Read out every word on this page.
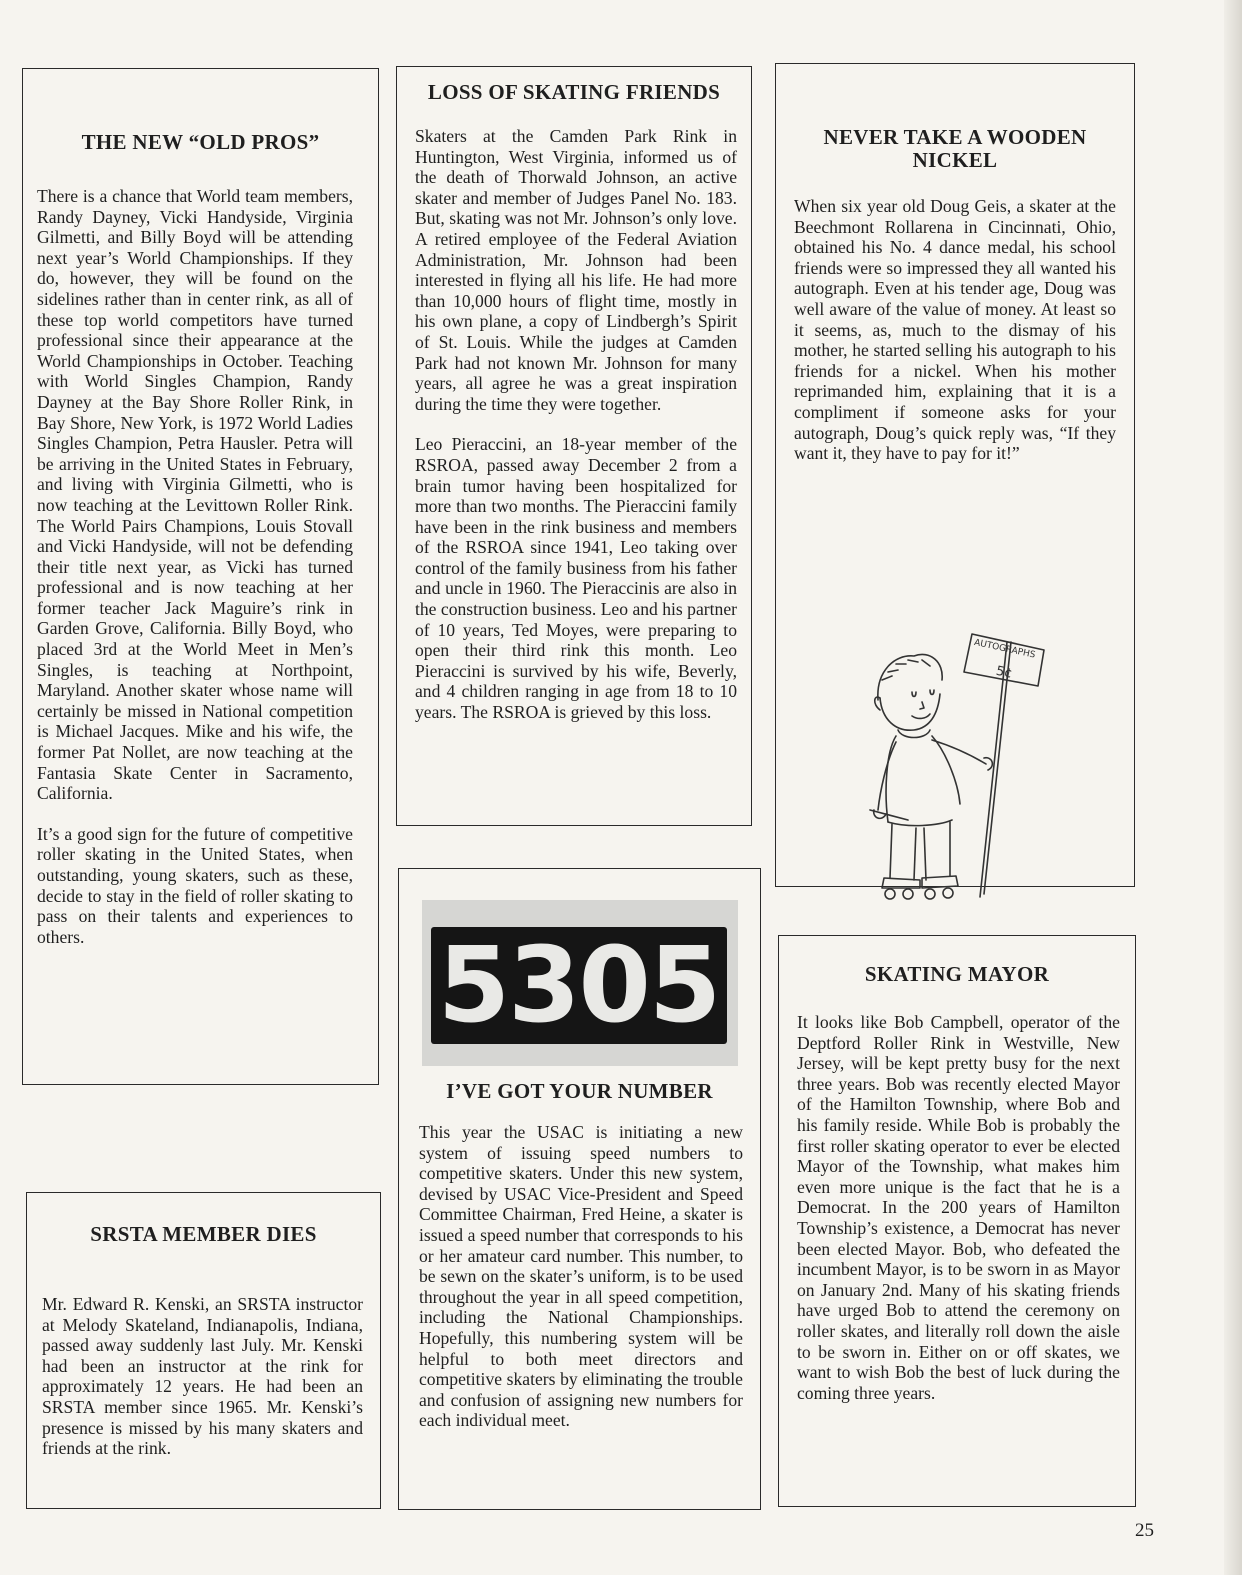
THE NEW “OLD PROS”

There is a chance that World team members, Randy Dayney, Vicki Handyside, Virginia Gilmetti, and Billy Boyd will be attending next year’s World Championships. If they do, however, they will be found on the sidelines rather than in center rink, as all of these top world competitors have turned professional since their appearance at the World Championships in October. Teaching with World Singles Champion, Randy Dayney at the Bay Shore Roller Rink, in Bay Shore, New York, is 1972 World Ladies Singles Champion, Petra Hausler. Petra will be arriving in the United States in February, and living with Virginia Gilmetti, who is now teaching at the Levittown Roller Rink. The World Pairs Champions, Louis Stovall and Vicki Handyside, will not be defending their title next year, as Vicki has turned professional and is now teaching at her former teacher Jack Maguire’s rink in Garden Grove, California. Billy Boyd, who placed 3rd at the World Meet in Men’s Singles, is teaching at Northpoint, Maryland. Another skater whose name will certainly be missed in National competition is Michael Jacques. Mike and his wife, the former Pat Nollet, are now teaching at the Fantasia Skate Center in Sacramento, California.

It’s a good sign for the future of competitive roller skating in the United States, when outstanding, young skaters, such as these, decide to stay in the field of roller skating to pass on their talents and experiences to others.

LOSS OF SKATING FRIENDS

Skaters at the Camden Park Rink in Huntington, West Virginia, informed us of the death of Thorwald Johnson, an active skater and member of Judges Panel No. 183. But, skating was not Mr. Johnson’s only love. A retired employee of the Federal Aviation Administration, Mr. Johnson had been interested in flying all his life. He had more than 10,000 hours of flight time, mostly in his own plane, a copy of Lindbergh’s Spirit of St. Louis. While the judges at Camden Park had not known Mr. Johnson for many years, all agree he was a great inspiration during the time they were together.

Leo Pieraccini, an 18-year member of the RSROA, passed away December 2 from a brain tumor having been hospitalized for more than two months. The Pieraccini family have been in the rink business and members of the RSROA since 1941, Leo taking over control of the family business from his father and uncle in 1960. The Pieraccinis are also in the construction business. Leo and his partner of 10 years, Ted Moyes, were preparing to open their third rink this month. Leo Pieraccini is survived by his wife, Beverly, and 4 children ranging in age from 18 to 10 years. The RSROA is grieved by this loss.

NEVER TAKE A WOODEN NICKEL

When six year old Doug Geis, a skater at the Beechmont Rollarena in Cincinnati, Ohio, obtained his No. 4 dance medal, his school friends were so impressed they all wanted his autograph. Even at his tender age, Doug was well aware of the value of money. At least so it seems, as, much to the dismay of his mother, he started selling his autograph to his friends for a nickel. When his mother reprimanded him, explaining that it is a compliment if someone asks for your autograph, Doug’s quick reply was, “If they want it, they have to pay for it!”

AUTOGRAPHS
5¢
5305
I’VE GOT YOUR NUMBER

This year the USAC is initiating a new system of issuing speed numbers to competitive skaters. Under this new system, devised by USAC Vice-President and Speed Committee Chairman, Fred Heine, a skater is issued a speed number that corresponds to his or her amateur card number. This number, to be sewn on the skater’s uniform, is to be used throughout the year in all speed competition, including the National Championships. Hopefully, this numbering system will be helpful to both meet directors and competitive skaters by eliminating the trouble and confusion of assigning new numbers for each individual meet.

SKATING MAYOR

It looks like Bob Campbell, operator of the Deptford Roller Rink in Westville, New Jersey, will be kept pretty busy for the next three years. Bob was recently elected Mayor of the Hamilton Township, where Bob and his family reside. While Bob is probably the first roller skating operator to ever be elected Mayor of the Township, what makes him even more unique is the fact that he is a Democrat. In the 200 years of Hamilton Township’s existence, a Democrat has never been elected Mayor. Bob, who defeated the incumbent Mayor, is to be sworn in as Mayor on January 2nd. Many of his skating friends have urged Bob to attend the ceremony on roller skates, and literally roll down the aisle to be sworn in. Either on or off skates, we want to wish Bob the best of luck during the coming three years.

SRSTA MEMBER DIES

Mr. Edward R. Kenski, an SRSTA instructor at Melody Skateland, Indianapolis, Indiana, passed away suddenly last July. Mr. Kenski had been an instructor at the rink for approximately 12 years. He had been an SRSTA member since 1965. Mr. Kenski’s presence is missed by his many skaters and friends at the rink.

25
